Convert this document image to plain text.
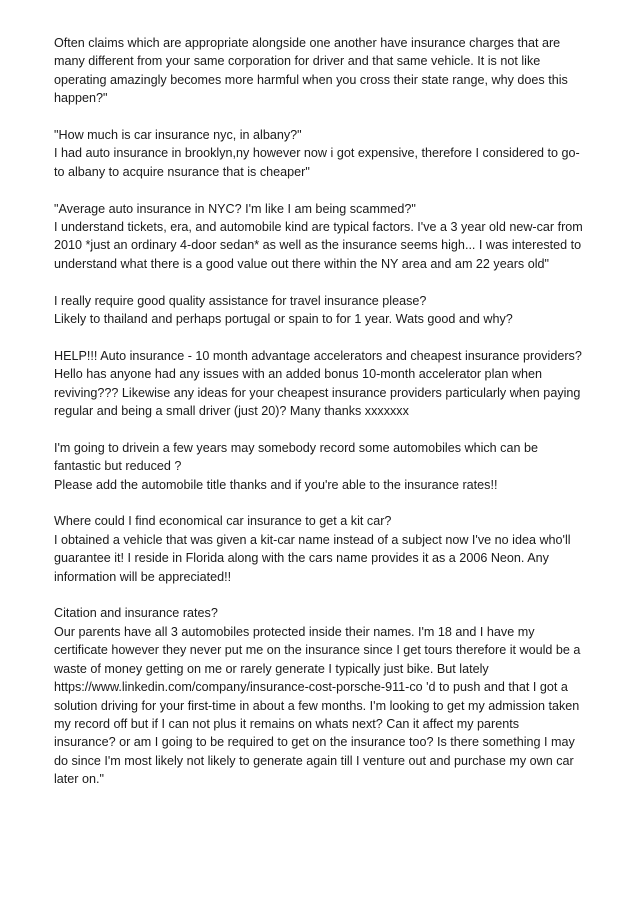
Often claims which are appropriate alongside one another have insurance charges that are many different from your same corporation for driver and that same vehicle. It is not like operating amazingly becomes more harmful when you cross their state range, why does this happen?"

"How much is car insurance nyc, in albany?"

I had auto insurance in brooklyn,ny however now i got expensive, therefore I considered to go-to albany to acquire nsurance that is cheaper"

"Average auto insurance in NYC? I'm like I am being scammed?"

I understand tickets, era, and automobile kind are typical factors. I've a 3 year old new-car from 2010 *just an ordinary 4-door sedan* as well as the insurance seems high... I was interested to understand what there is a good value out there within the NY area and am 22 years old"

I really require good quality assistance for travel insurance please?

Likely to thailand and perhaps portugal or spain to for 1 year. Wats good and why?

HELP!!! Auto insurance - 10 month advantage accelerators and cheapest insurance providers?

Hello has anyone had any issues with an added bonus 10-month accelerator plan when reviving??? Likewise any ideas for your cheapest insurance providers particularly when paying regular and being a small driver (just 20)? Many thanks xxxxxxx

I'm going to drivein a few years may somebody record some automobiles which can be fantastic but reduced ?

Please add the automobile title thanks and if you're able to the insurance rates!!

Where could I find economical car insurance to get a kit car?

I obtained a vehicle that was given a kit-car name instead of a subject now I've no idea who'll guarantee it! I reside in Florida along with the cars name provides it as a 2006 Neon. Any information will be appreciated!!

Citation and insurance rates?

Our parents have all 3 automobiles protected inside their names. I'm 18 and I have my certificate however they never put me on the insurance since I get tours therefore it would be a waste of money getting on me or rarely generate I typically just bike. But lately https://www.linkedin.com/company/insurance-cost-porsche-911-co 'd to push and that I got a solution driving for your first-time in about a few months. I'm looking to get my admission taken my record off but if I can not plus it remains on whats next? Can it affect my parents insurance? or am I going to be required to get on the insurance too? Is there something I may do since I'm most likely not likely to generate again till I venture out and purchase my own car later on."
